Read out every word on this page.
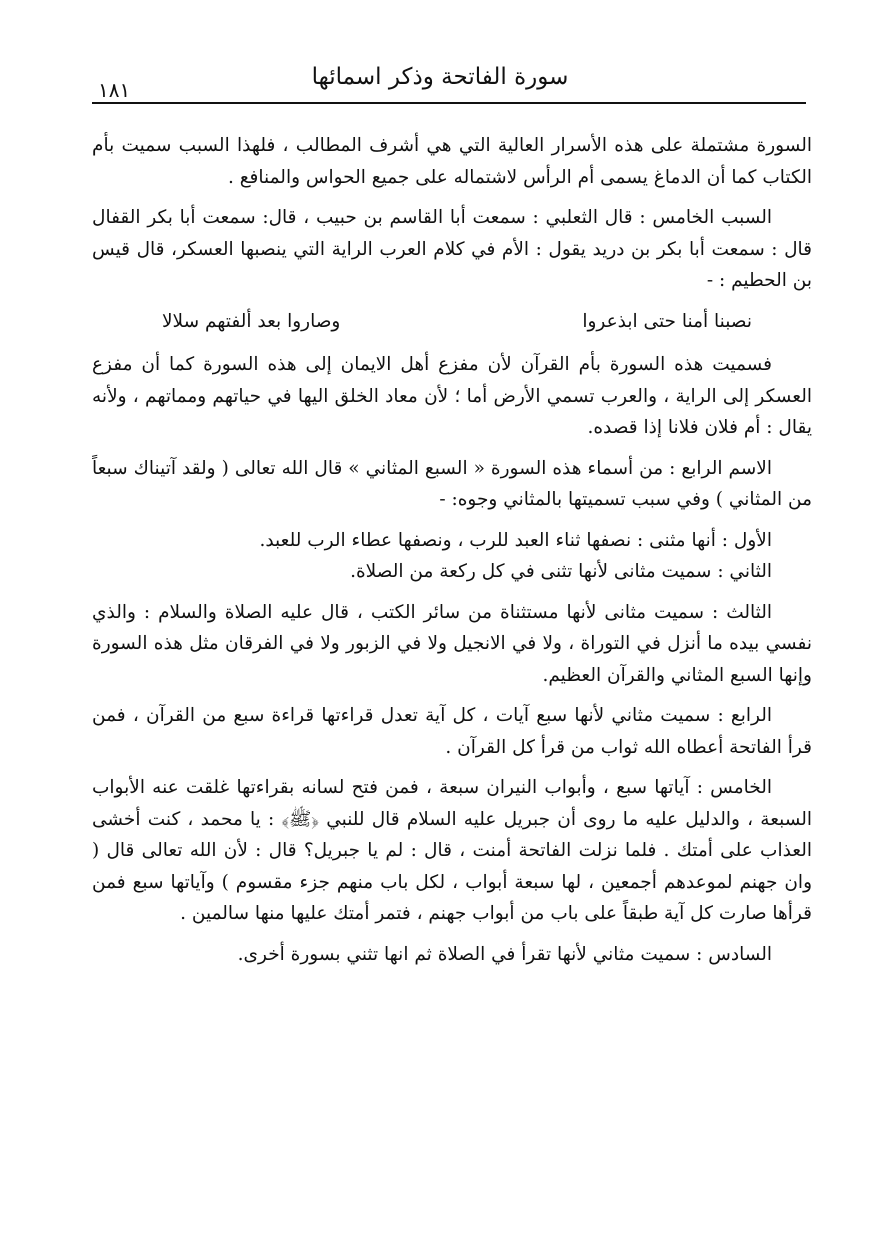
سورة الفاتحة وذكر اسمائها
١٨١

السورة مشتملة على هذه الأسرار العالية التي هي أشرف المطالب ، فلهذا السبب سميت بأم الكتاب كما أن الدماغ يسمى أم الرأس لاشتماله على جميع الحواس والمنافع .

السبب الخامس : قال الثعلبي : سمعت أبا القاسم بن حبيب ، قال: سمعت أبا بكر القفال قال : سمعت أبا بكر بن دريد يقول : الأم في كلام العرب الراية التي ينصبها العسكر، قال قيس بن الحطيم : -

نصبنا أمنا حتى ابذعروا
وصاروا بعد ألفتهم سلالا

فسميت هذه السورة بأم القرآن لأن مفزع أهل الايمان إلى هذه السورة كما أن مفزع العسكر إلى الراية ، والعرب تسمي الأرض أما ؛ لأن معاد الخلق اليها في حياتهم ومماتهم ، ولأنه يقال : أم فلان فلانا إذا قصده.

الاسم الرابع : من أسماء هذه السورة « السبع المثاني » قال الله تعالى ( ولقد آتيناك سبعاً من المثاني ) وفي سبب تسميتها بالمثاني وجوه: -

الأول : أنها مثنى : نصفها ثناء العبد للرب ، ونصفها عطاء الرب للعبد.

الثاني : سميت مثانى لأنها تثنى في كل ركعة من الصلاة.

الثالث : سميت مثانى لأنها مستثناة من سائر الكتب ، قال عليه الصلاة والسلام : والذي نفسي بيده ما أنزل في التوراة ، ولا في الانجيل ولا في الزبور ولا في الفرقان مثل هذه السورة وإنها السبع المثاني والقرآن العظيم.

الرابع : سميت مثاني لأنها سبع آيات ، كل آية تعدل قراءتها قراءة سبع من القرآن ، فمن قرأ الفاتحة أعطاه الله ثواب من قرأ كل القرآن .

الخامس : آياتها سبع ، وأبواب النيران سبعة ، فمن فتح لسانه بقراءتها غلقت عنه الأبواب السبعة ، والدليل عليه ما روى أن جبريل عليه السلام قال للنبي ﴿ﷺ﴾ : يا محمد ، كنت أخشى العذاب على أمتك . فلما نزلت الفاتحة أمنت ، قال : لم يا جبريل؟ قال : لأن الله تعالى قال ( وان جهنم لموعدهم أجمعين ، لها سبعة أبواب ، لكل باب منهم جزء مقسوم ) وآياتها سبع فمن قرأها صارت كل آية طبقاً على باب من أبواب جهنم ، فتمر أمتك عليها منها سالمين .

السادس : سميت مثاني لأنها تقرأ في الصلاة ثم انها تثني بسورة أخرى.
